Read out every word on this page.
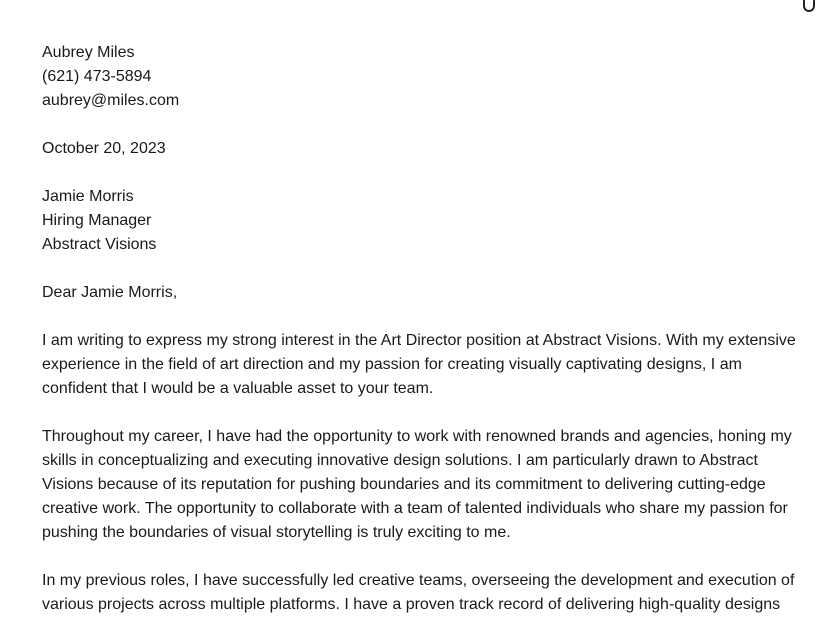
Aubrey Miles
(621) 473-5894
aubrey@miles.com
October 20, 2023
Jamie Morris
Hiring Manager
Abstract Visions
Dear Jamie Morris,

I am writing to express my strong interest in the Art Director position at Abstract Visions. With my extensive experience in the field of art direction and my passion for creating visually captivating designs, I am confident that I would be a valuable asset to your team.

Throughout my career, I have had the opportunity to work with renowned brands and agencies, honing my skills in conceptualizing and executing innovative design solutions. I am particularly drawn to Abstract Visions because of its reputation for pushing boundaries and its commitment to delivering cutting-edge creative work. The opportunity to collaborate with a team of talented individuals who share my passion for pushing the boundaries of visual storytelling is truly exciting to me.

In my previous roles, I have successfully led creative teams, overseeing the development and execution of various projects across multiple platforms. I have a proven track record of delivering high-quality designs
